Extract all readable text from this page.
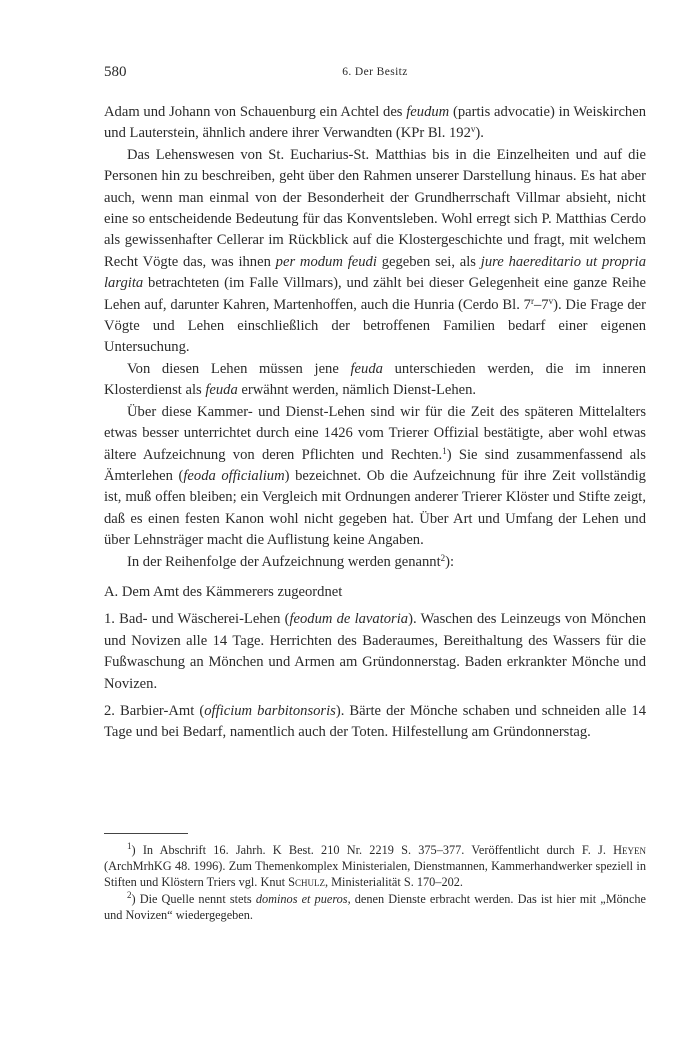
580	6. Der Besitz

Adam und Johann von Schauenburg ein Achtel des feudum (partis advocatie) in Weiskirchen und Lauterstein, ähnlich andere ihrer Verwandten (KPr Bl. 192$^v$).

Das Lehenswesen von St. Eucharius-St. Matthias bis in die Einzelheiten und auf die Personen hin zu beschreiben, geht über den Rahmen unserer Darstellung hinaus. Es hat aber auch, wenn man einmal von der Besonderheit der Grundherrschaft Villmar absieht, nicht eine so entscheidende Bedeutung für das Konventsleben. Wohl erregt sich P. Matthias Cerdo als gewissenhafter Cellerar im Rückblick auf die Klostergeschichte und fragt, mit welchem Recht Vögte das, was ihnen per modum feudi gegeben sei, als jure haereditario ut propria largita betrachteten (im Falle Villmars), und zählt bei dieser Gelegenheit eine ganze Reihe Lehen auf, darunter Kahren, Martenhoffen, auch die Hunria (Cerdo Bl. 7$^r$–7$^v$). Die Frage der Vögte und Lehen einschließlich der betroffenen Familien bedarf einer eigenen Untersuchung.

Von diesen Lehen müssen jene feuda unterschieden werden, die im inneren Klosterdienst als feuda erwähnt werden, nämlich Dienst-Lehen.

Über diese Kammer- und Dienst-Lehen sind wir für die Zeit des späteren Mittelalters etwas besser unterrichtet durch eine 1426 vom Trierer Offizial bestätigte, aber wohl etwas ältere Aufzeichnung von deren Pflichten und Rechten.$^1$) Sie sind zusammenfassend als Ämterlehen (feoda officialium) bezeichnet. Ob die Aufzeichnung für ihre Zeit vollständig ist, muß offen bleiben; ein Vergleich mit Ordnungen anderer Trierer Klöster und Stifte zeigt, daß es einen festen Kanon wohl nicht gegeben hat. Über Art und Umfang der Lehen und über Lehnsträger macht die Auflistung keine Angaben.

In der Reihenfolge der Aufzeichnung werden genannt$^2$):

A. Dem Amt des Kämmerers zugeordnet

1. Bad- und Wäscherei-Lehen (feodum de lavatoria). Waschen des Leinzeugs von Mönchen und Novizen alle 14 Tage. Herrichten des Baderaumes, Bereithaltung des Wassers für die Fußwaschung an Mönchen und Armen am Gründonnerstag. Baden erkrankter Mönche und Novizen.

2. Barbier-Amt (officium barbitonsoris). Bärte der Mönche schaben und schneiden alle 14 Tage und bei Bedarf, namentlich auch der Toten. Hilfestellung am Gründonnerstag.

$^1$) In Abschrift 16. Jahrh. K Best. 210 Nr. 2219 S. 375–377. Veröffentlicht durch F. J. Heyen (ArchMrhKG 48. 1996). Zum Themenkomplex Ministerialen, Dienstmannen, Kammerhandwerker speziell in Stiften und Klöstern Triers vgl. Knut Schulz, Ministerialität S. 170–202.

$^2$) Die Quelle nennt stets dominos et pueros, denen Dienste erbracht werden. Das ist hier mit „Mönche und Novizen“ wiedergegeben.
